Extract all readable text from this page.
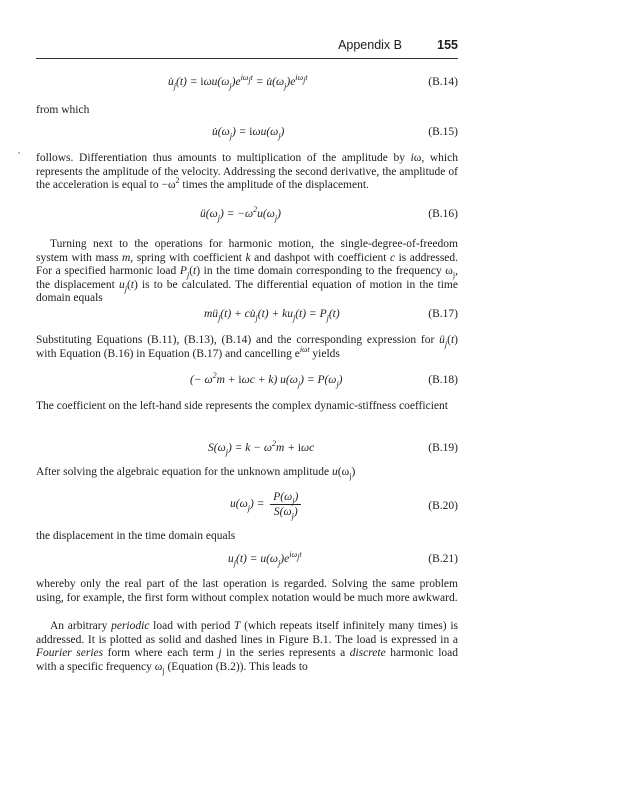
Appendix B	155
$u̇_j(t) = i\omega u(\omega_j)e^{i\omega_jt}$ = $u̇(\omega_j)e^{i\omega_jt}$	(B.14)
from which
$u̇(\omega_j) = i\omega u(\omega_j)$	(B.15)
follows. Differentiation thus amounts to multiplication of the amplitude by iω, which represents the amplitude of the velocity. Addressing the second derivative, the amplitude of the acceleration is equal to $-\omega^2$ times the amplitude of the displacement.
$ü(\omega_j) = -\omega^2u(\omega_j)$	(B.16)
Turning next to the operations for harmonic motion, the single-degree-of-freedom system with mass m, spring with coefficient k and dashpot with coefficient c is addressed. For a specified harmonic load $P_j(t)$ in the time domain corresponding to the frequency $\omega_j$, the displacement $u_j(t)$ is to be calculated. The differential equation of motion in the time domain equals
$mü_j(t)$ + $cu̇_j(t) + ku_j(t) = P_j(t)$	(B.17)
Substituting Equations (B.11), (B.13), (B.14) and the corresponding expression for $ü_j(t)$ with Equation (B.16) in Equation (B.17) and cancelling $e^{i\omega t}$ yields
(− $\omega^2m + i\omega c + k$) $u(\omega_j) = P(\omega_j)$	(B.18)
The coefficient on the left-hand side represents the complex dynamic-stiffness coefficient
$S(\omega_j) = k - \omega^2m + i\omega c$	(B.19)
After solving the algebraic equation for the unknown amplitude $u(\omega_j)$
$u(\omega_j) = \frac{P(\omega_j)}{S(\omega_j)}$	(B.20)
the displacement in the time domain equals
$u_j(t) = u(\omega_j)e^{i\omega_jt}$	(B.21)
whereby only the real part of the last operation is regarded. Solving the same problem using, for example, the first form without complex notation would be much more awkward.
An arbitrary periodic load with period T (which repeats itself infinitely many times) is addressed. It is plotted as solid and dashed lines in Figure B.1. The load is expressed in a Fourier series form where each term j in the series represents a discrete harmonic load with a specific frequency $\omega_j$ (Equation (B.2)). This leads to
